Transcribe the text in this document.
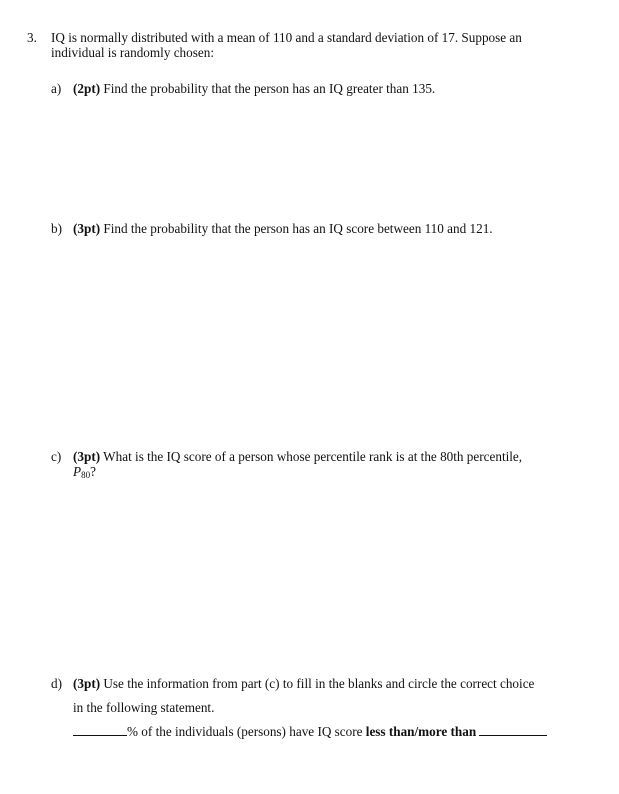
3. IQ is normally distributed with a mean of 110 and a standard deviation of 17. Suppose an
individual is randomly chosen:
a) (2pt) Find the probability that the person has an IQ greater than 135.
b) (3pt) Find the probability that the person has an IQ score between 110 and 121.
c) (3pt) What is the IQ score of a person whose percentile rank is at the 80th percentile,
$P_{80}$?
d) (3pt) Use the information from part (c) to fill in the blanks and circle the correct choice
in the following statement.
% of the individuals (persons) have IQ score less than/more than
